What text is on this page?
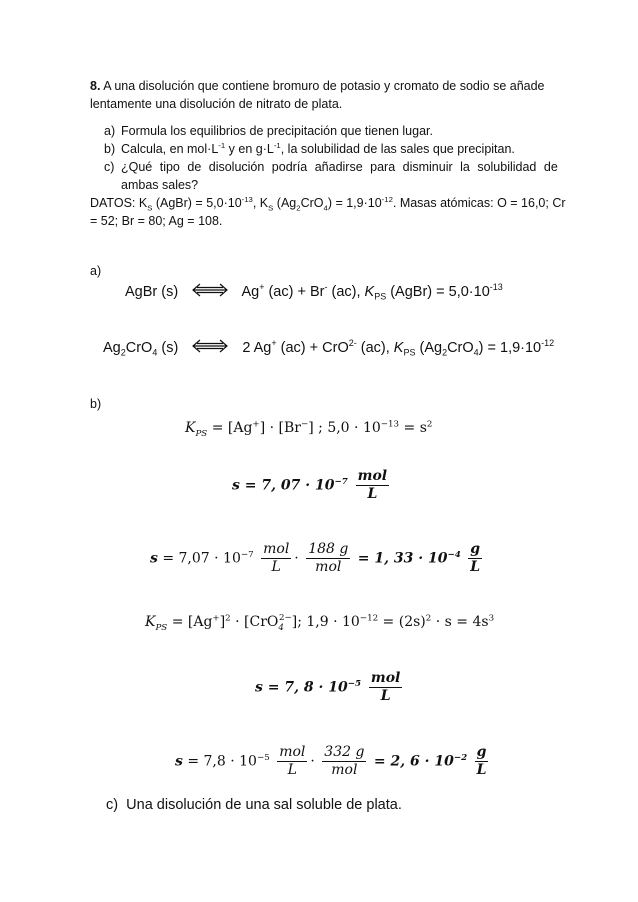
8. A una disolución que contiene bromuro de potasio y cromato de sodio se añade
lentamente una disolución de nitrato de plata.
a) Formula los equilibrios de precipitación que tienen lugar.
b) Calcula, en $mol\cdot L^{-1}$ y en $g\cdot L^{-1}$, la solubilidad de las sales que precipitan.
c) ¿Qué tipo de disolución podría añadirse para disminuir la solubilidad de
ambas sales?
DATOS: $K_S$ (AgBr) = $5,0\cdot 10^{-13}$, $K_S$ $(Ag_2CrO_4) = 1,9\cdot 10^{-12}$. Masas atómicas: O = 16,0; Cr
= 52; Br = 80; Ag = 108.
a)
AgBr (s)	Ag+ (ac) + Br- (ac), $K_{PS}$ (AgBr) = $5,0\cdot 10^{-13}$
$Ag_2CrO_4$ (s)	2 Ag+ (ac) + CrO$^{2-}$ (ac), $K_{PS}$ $(Ag_2CrO_4) = 1,9\cdot 10^{-12}$
b)
$K_{PS} = [Ag^+] \cdot [Br^-]$ ; $5,0 \cdot 10^{-13} = s^2$
s = 7, $07 \cdot 10^{-7} \frac{\text{mol}}{L}$
$s = 7,07 \cdot 10^{-7} \frac{\text{mol}}{L} \cdot \frac{188 g}{\text{mol}} = 1$, $33 \cdot 10^{-4} \frac{g}{L}$
$K_{PS} = [Ag^+]^2 \cdot [CrO_4^{2-}]$; $1,9 \cdot 10^{-12} = (2s)^2 \cdot s = 4s^3$
s = 7, $8 \cdot 10^{-5} \frac{\text{mol}}{L}$
$s = 7,8 \cdot 10^{-5} \frac{\text{mol}}{L} \cdot \frac{332 g}{\text{mol}} = 2$, $6 \cdot 10^{-2} \frac{g}{L}$
c) Una disolución de una sal soluble de plata.
